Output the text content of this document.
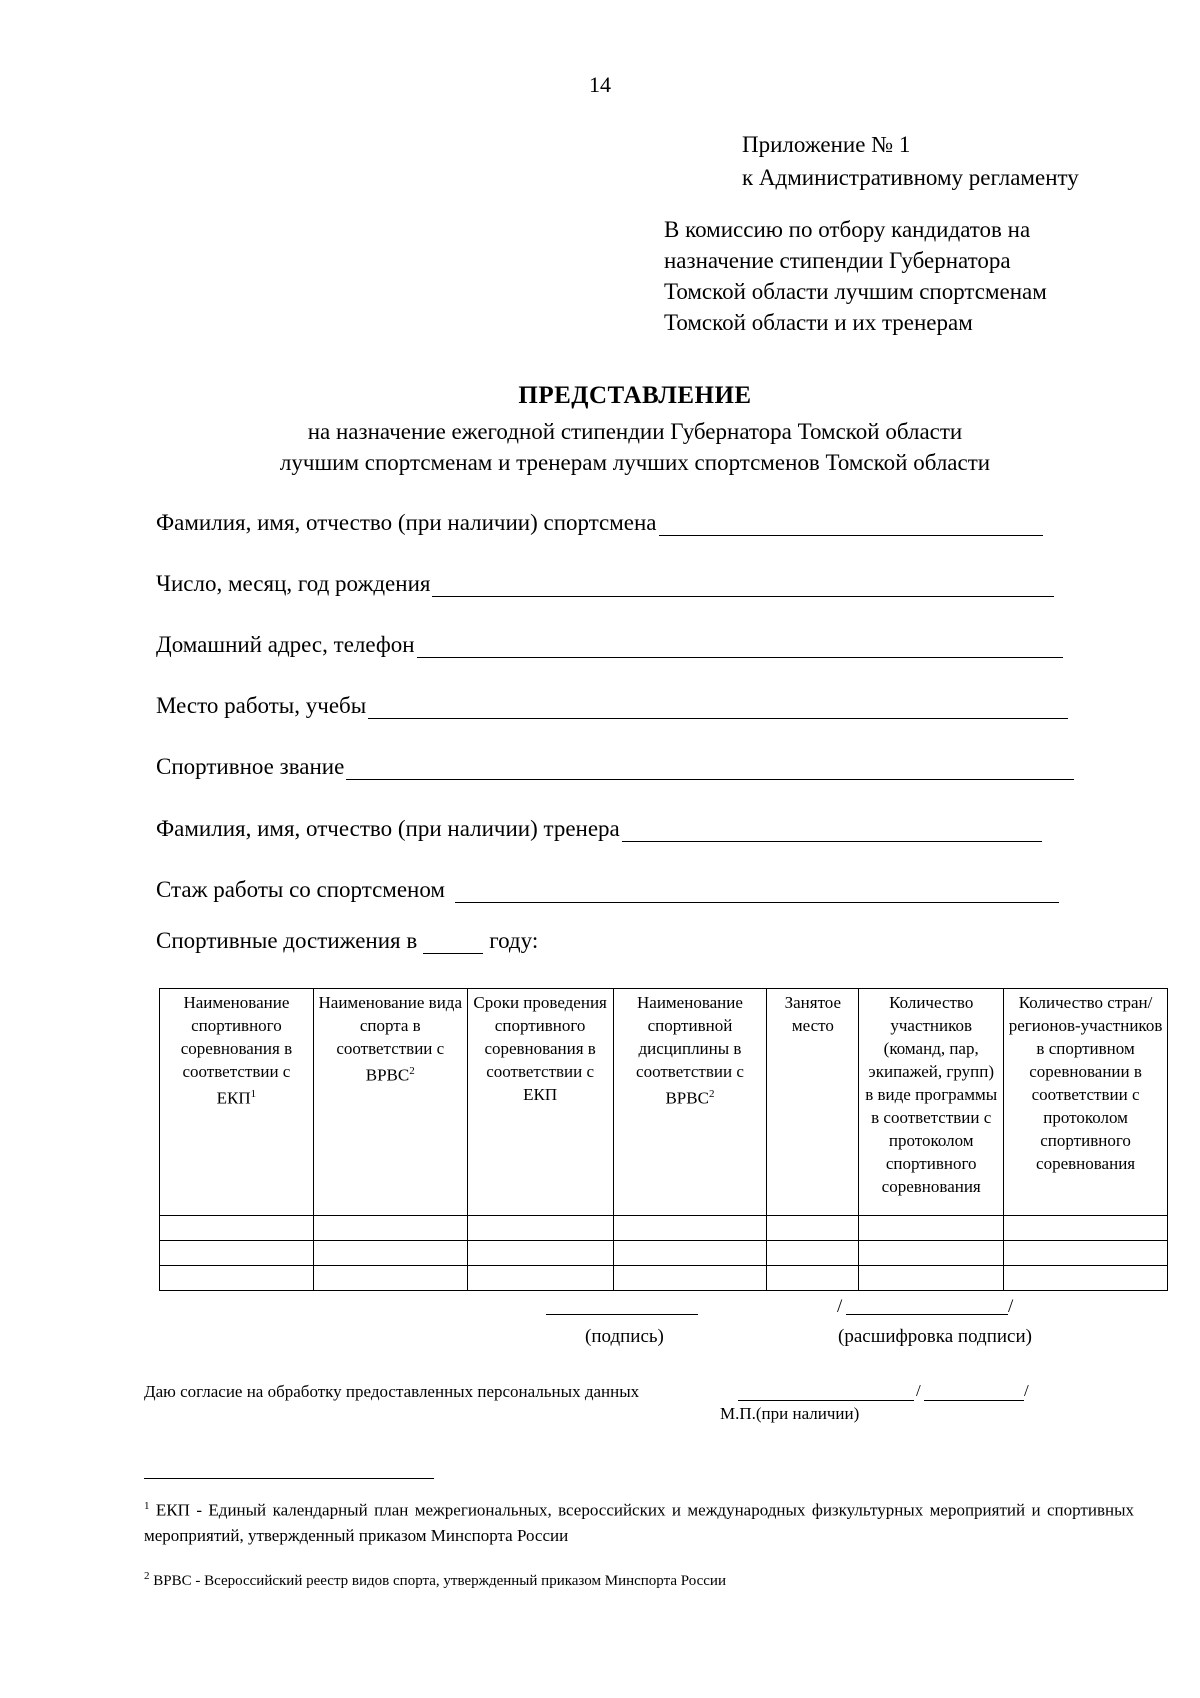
14
Приложение № 1
к Административному регламенту
В комиссию по отбору кандидатов на
назначение стипендии Губернатора
Томской области лучшим спортсменам
Томской области и их тренерам
ПРЕДСТАВЛЕНИЕ
на назначение ежегодной стипендии Губернатора Томской области
лучшим спортсменам и тренерам лучших спортсменов Томской области
Фамилия, имя, отчество (при наличии) спортсмена
Число, месяц, год рождения
Домашний адрес, телефон
Место работы, учебы
Спортивное звание
Фамилия, имя, отчество (при наличии) тренера
Стаж работы со спортсменом
Спортивные достижения в	году:
Наименование спортивного соревнования в соответствии с ЕКП$^1$	Наименование вида спорта в соответствии с ВРВС$^2$	Сроки проведения спортивного соревнования в соответствии с ЕКП	Наименование спортивной дисциплины в соответствии с ВРВС$^2$	Занятое место	Количество участников (команд, пар, экипажей, групп) в виде программы в соответствии с протоколом спортивного соревнования	Количество стран/регионов-участников в спортивном соревновании в соответствии с протоколом спортивного соревнования

(подпись)
/	/
(расшифровка подписи)
Даю согласие на обработку предоставленных персональных данных	/	/
М.П.(при наличии)
$^1$ ЕКП - Единый календарный план межрегиональных, всероссийских и международных физкультурных мероприятий и спортивных мероприятий, утвержденный приказом Минспорта России
$^2$ ВРВС - Всероссийский реестр видов спорта, утвержденный приказом Минспорта России
